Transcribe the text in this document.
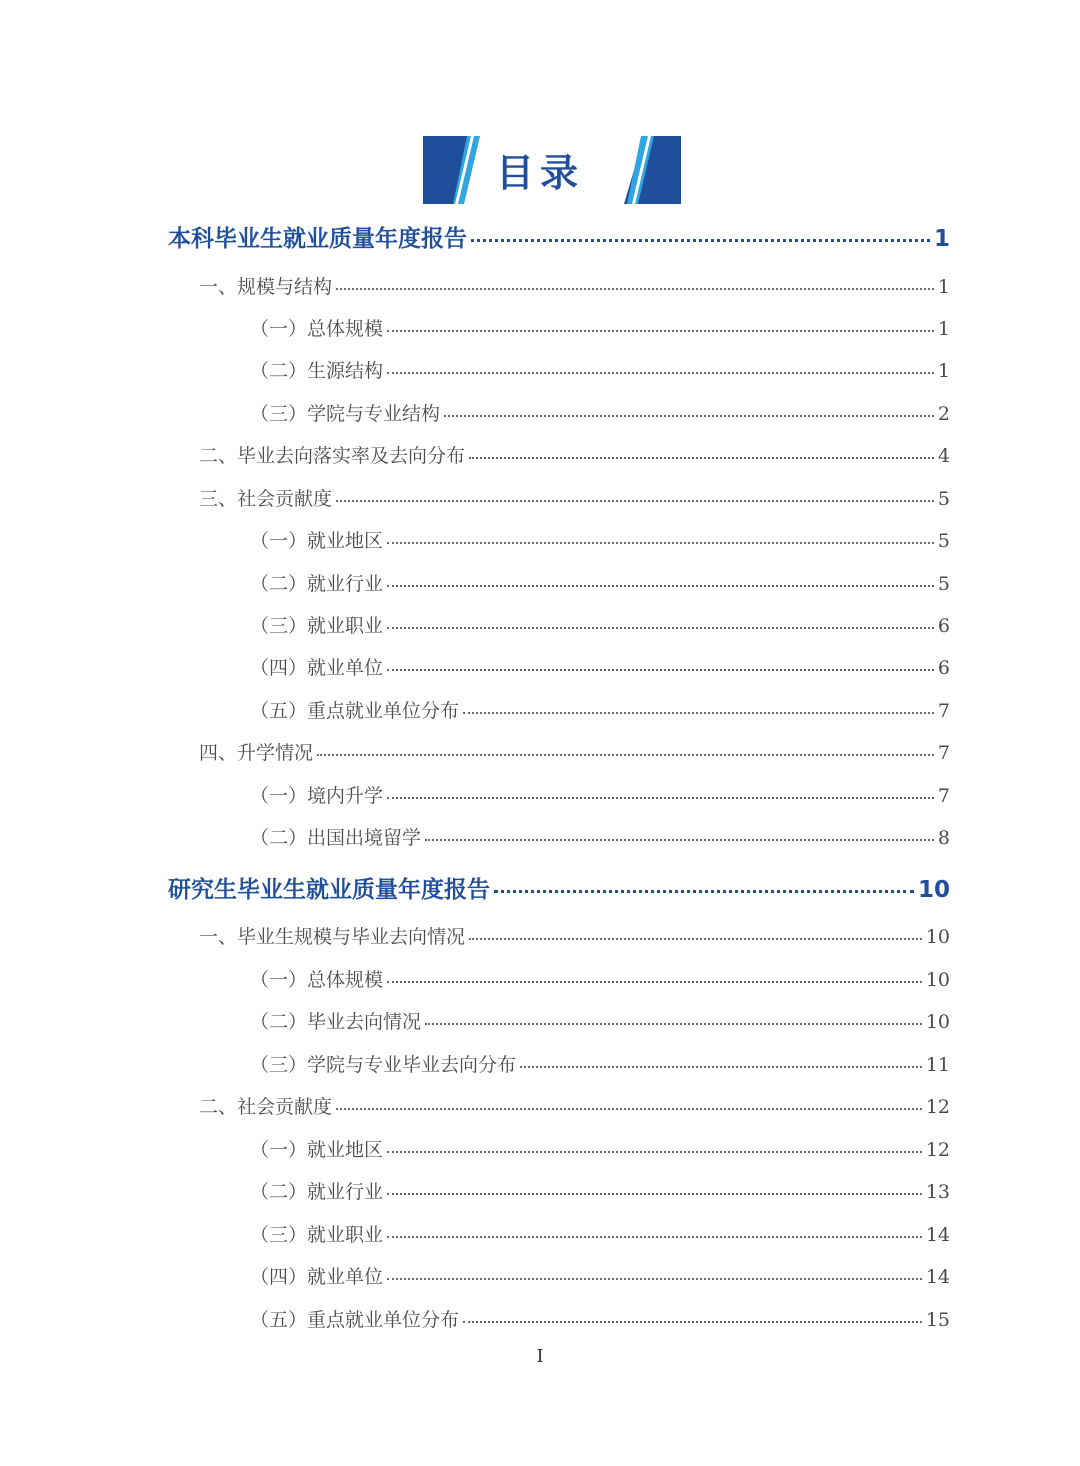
目录
本科毕业生就业质量年度报告	1
一、规模与结构	1
（一）总体规模	1
（二）生源结构	1
（三）学院与专业结构	2
二、毕业去向落实率及去向分布	4
三、社会贡献度	5
（一）就业地区	5
（二）就业行业	5
（三）就业职业	6
（四）就业单位	6
（五）重点就业单位分布	7
四、升学情况	7
（一）境内升学	7
（二）出国出境留学	8
研究生毕业生就业质量年度报告	10
一、毕业生规模与毕业去向情况	10
（一）总体规模	10
（二）毕业去向情况	10
（三）学院与专业毕业去向分布	11
二、社会贡献度	12
（一）就业地区	12
（二）就业行业	13
（三）就业职业	14
（四）就业单位	14
（五）重点就业单位分布	15
I
